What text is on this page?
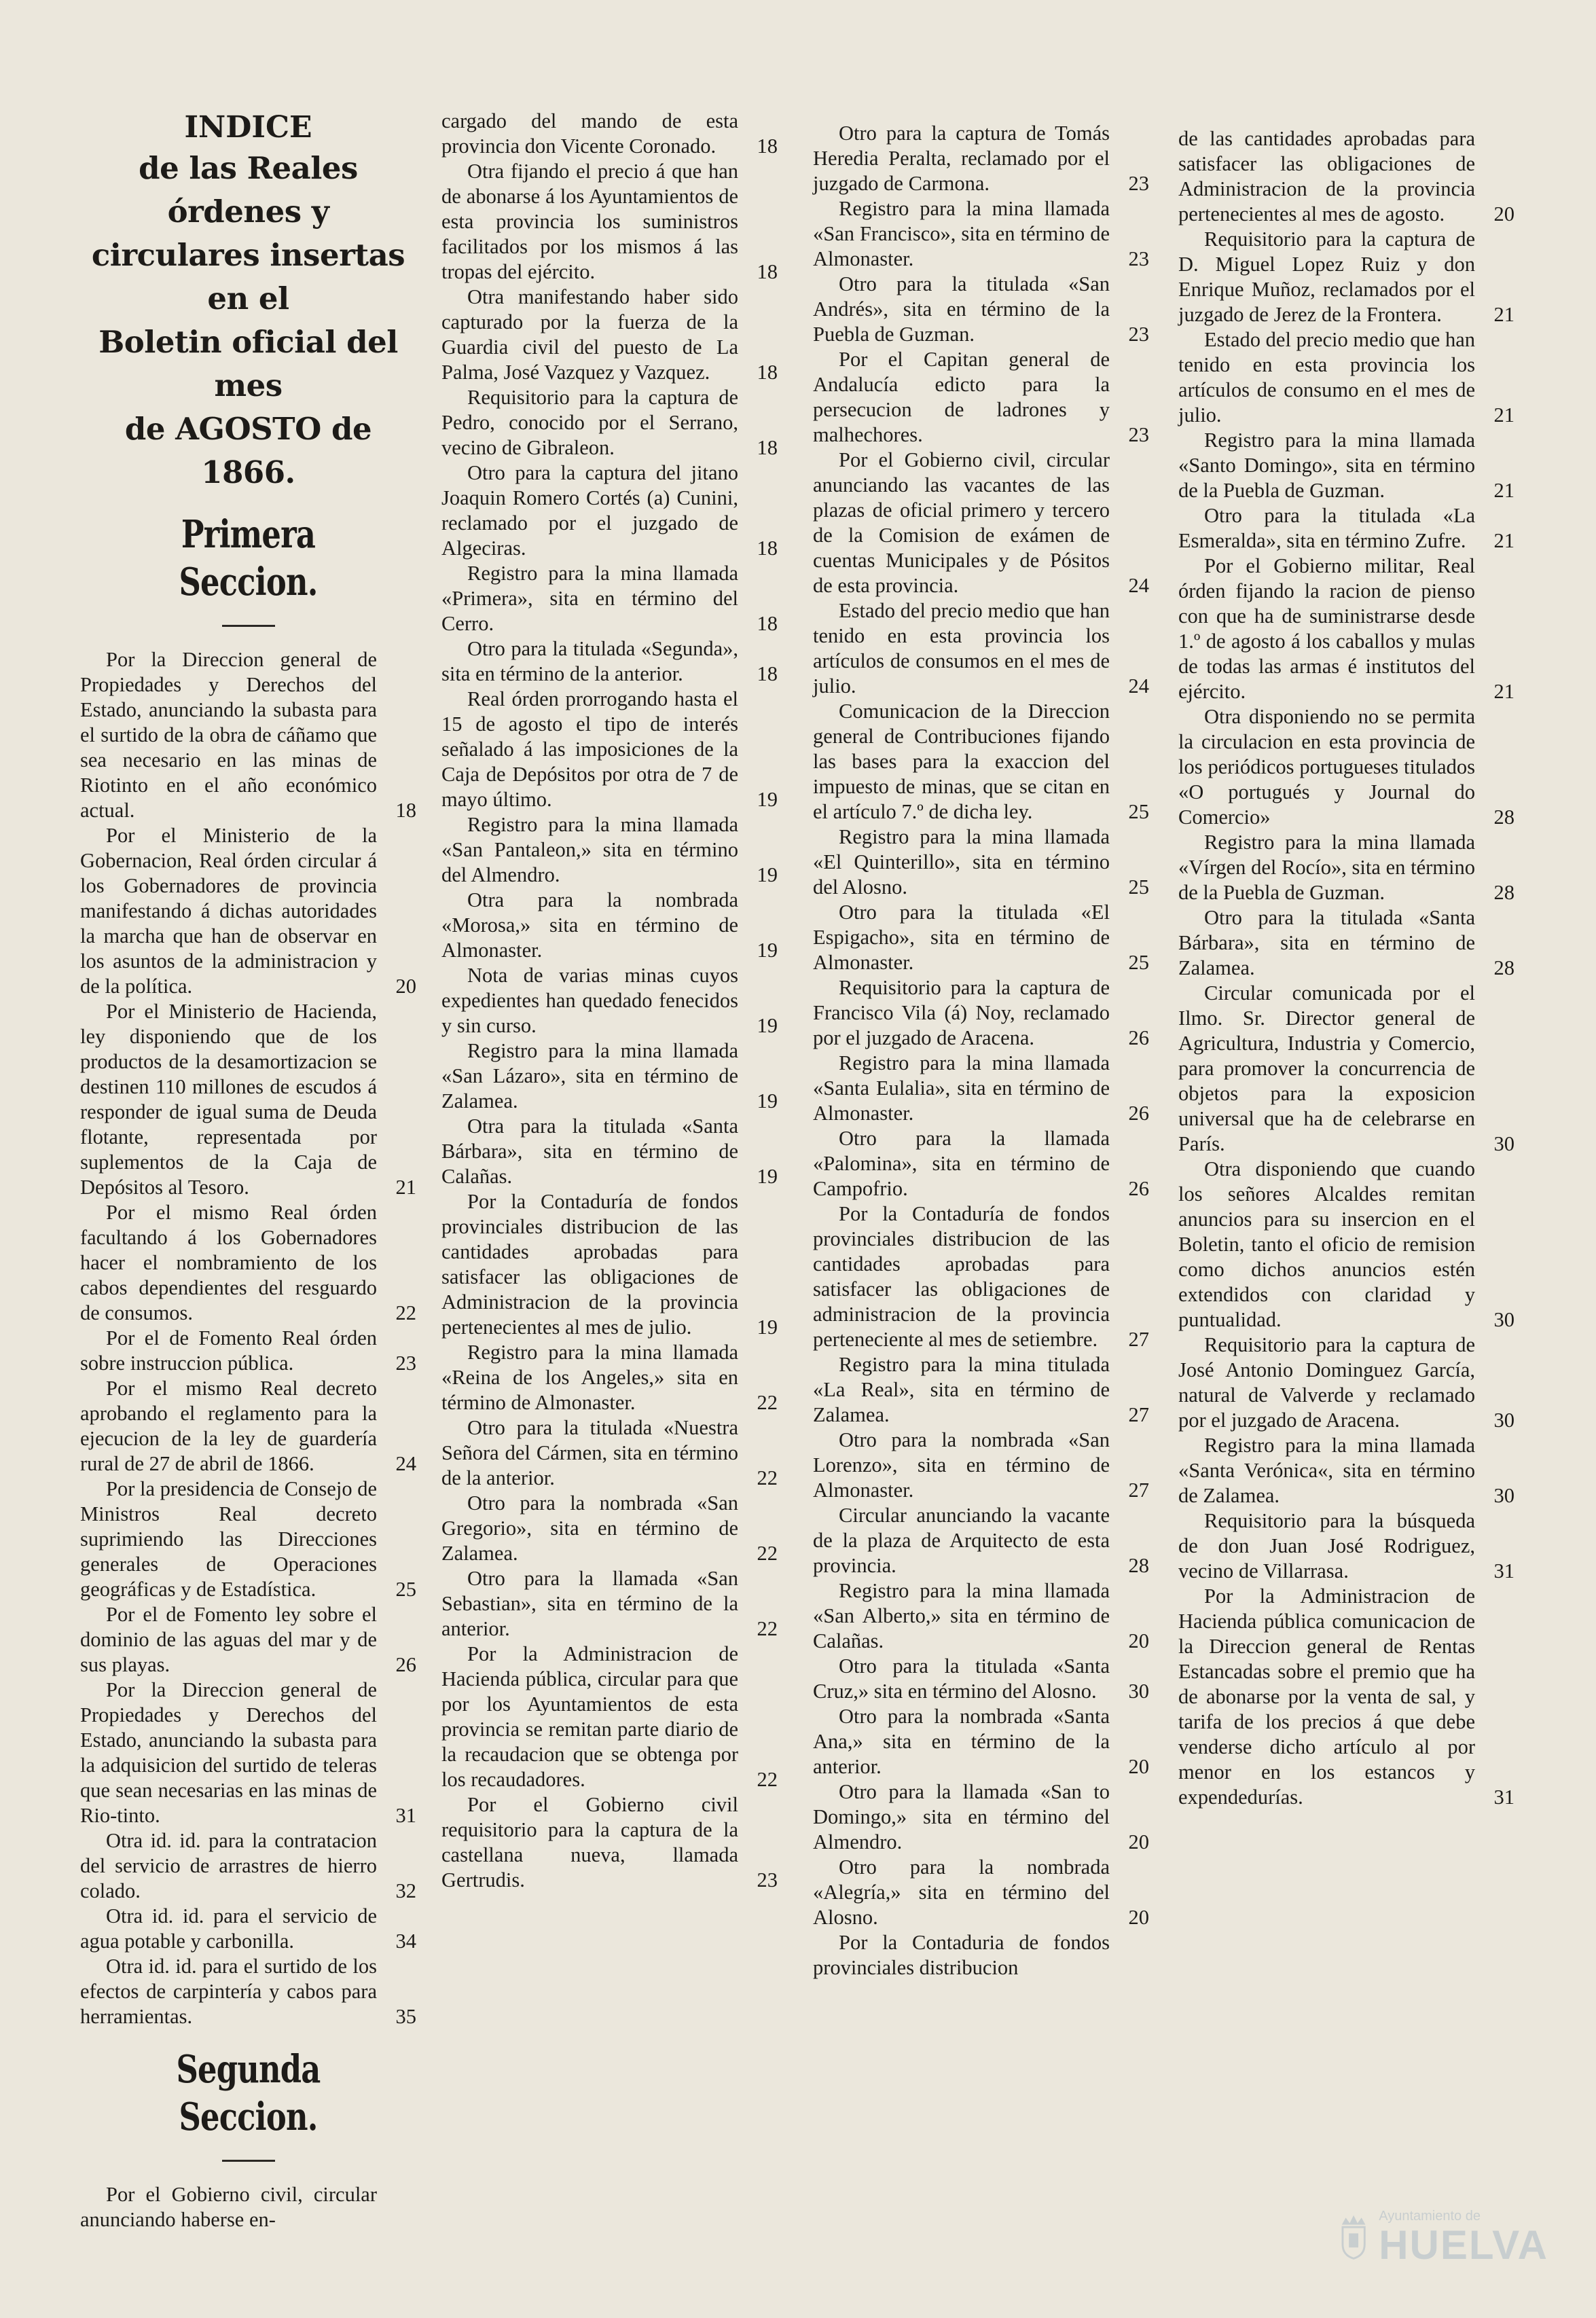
INDICE
de las Reales órdenes y
circulares insertas en el
Boletin oficial del mes
de AGOSTO de 1866.
Primera Seccion.
Por la Direccion general de Propiedades y Derechos del Estado, anunciando la subasta para el surtido de la obra de cáñamo que sea necesario en las minas de Riotinto en el año económico actual.	18
Por el Ministerio de la Gobernacion, Real órden circular á los Gobernadores de provincia manifestando á dichas autoridades la marcha que han de observar en los asuntos de la administracion y de la política.	20
Por el Ministerio de Hacienda, ley disponiendo que de los productos de la desamortizacion se destinen 110 millones de escudos á responder de igual suma de Deuda flotante, representada por suplementos de la Caja de Depósitos al Tesoro.	21
Por el mismo Real órden facultando á los Gobernadores hacer el nombramiento de los cabos dependientes del resguardo de consumos.	22
Por el de Fomento Real órden sobre instruccion pública.	23
Por el mismo Real decreto aprobando el reglamento para la ejecucion de la ley de guardería rural de 27 de abril de 1866.	24
Por la presidencia de Consejo de Ministros Real decreto suprimiendo las Direcciones generales de Operaciones geográficas y de Estadística.	25
Por el de Fomento ley sobre el dominio de las aguas del mar y de sus playas.	26
Por la Direccion general de Propiedades y Derechos del Estado, anunciando la subasta para la adquisicion del surtido de teleras que sean necesarias en las minas de Rio-tinto.	31
Otra id. id. para la contratacion del servicio de arrastres de hierro colado.	32
Otra id. id. para el servicio de agua potable y carbonilla.	34
Otra id. id. para el surtido de los efectos de carpintería y cabos para herramientas.	35
Segunda Seccion.
Por el Gobierno civil, circular anunciando haberse en-
cargado del mando de esta provincia don Vicente Coronado.	18
Otra fijando el precio á que han de abonarse á los Ayuntamientos de esta provincia los suministros facilitados por los mismos á las tropas del ejército.	18
Otra manifestando haber sido capturado por la fuerza de la Guardia civil del puesto de La Palma, José Vazquez y Vazquez.	18
Requisitorio para la captura de Pedro, conocido por el Serrano, vecino de Gibraleon.	18
Otro para la captura del jitano Joaquin Romero Cortés (a) Cunini, reclamado por el juzgado de Algeciras.	18
Registro para la mina llamada «Primera», sita en término del Cerro.	18
Otro para la titulada «Segunda», sita en término de la anterior.	18
Real órden prorrogando hasta el 15 de agosto el tipo de interés señalado á las imposiciones de la Caja de Depósitos por otra de 7 de mayo último.	19
Registro para la mina llamada «San Pantaleon,» sita en término del Almendro.	19
Otra para la nombrada «Morosa,» sita en término de Almonaster.	19
Nota de varias minas cuyos expedientes han quedado fenecidos y sin curso.	19
Registro para la mina llamada «San Lázaro», sita en término de Zalamea.	19
Otra para la titulada «Santa Bárbara», sita en término de Calañas.	19
Por la Contaduría de fondos provinciales distribucion de las cantidades aprobadas para satisfacer las obligaciones de Administracion de la provincia pertenecientes al mes de julio.	19
Registro para la mina llamada «Reina de los Angeles,» sita en término de Almonaster.	22
Otro para la titulada «Nuestra Señora del Cármen, sita en término de la anterior.	22
Otro para la nombrada «San Gregorio», sita en término de Zalamea.	22
Otro para la llamada «San Sebastian», sita en término de la anterior.	22
Por la Administracion de Hacienda pública, circular para que por los Ayuntamientos de esta provincia se remitan parte diario de la recaudacion que se obtenga por los recaudadores.	22
Por el Gobierno civil requisitorio para la captura de la castellana nueva, llamada Gertrudis.	23
Otro para la captura de Tomás Heredia Peralta, reclamado por el juzgado de Carmona.	23
Registro para la mina llamada «San Francisco», sita en término de Almonaster.	23
Otro para la titulada «San Andrés», sita en término de la Puebla de Guzman.	23
Por el Capitan general de Andalucía edicto para la persecucion de ladrones y malhechores.	23
Por el Gobierno civil, circular anunciando las vacantes de las plazas de oficial primero y tercero de la Comision de exámen de cuentas Municipales y de Pósitos de esta provincia.	24
Estado del precio medio que han tenido en esta provincia los artículos de consumos en el mes de julio.	24
Comunicacion de la Direccion general de Contribuciones fijando las bases para la exaccion del impuesto de minas, que se citan en el artículo 7.º de dicha ley.	25
Registro para la mina llamada «El Quinterillo», sita en término del Alosno.	25
Otro para la titulada «El Espigacho», sita en término de Almonaster.	25
Requisitorio para la captura de Francisco Vila (á) Noy, reclamado por el juzgado de Aracena.	26
Registro para la mina llamada «Santa Eulalia», sita en término de Almonaster.	26
Otro para la llamada «Palomina», sita en término de Campofrio.	26
Por la Contaduría de fondos provinciales distribucion de las cantidades aprobadas para satisfacer las obligaciones de administracion de la provincia perteneciente al mes de setiembre.	27
Registro para la mina titulada «La Real», sita en término de Zalamea.	27
Otro para la nombrada «San Lorenzo», sita en término de Almonaster.	27
Circular anunciando la vacante de la plaza de Arquitecto de esta provincia.	28
Registro para la mina llamada «San Alberto,» sita en término de Calañas.	20
Otro para la titulada «Santa Cruz,» sita en término del Alosno.	30
Otro para la nombrada «Santa Ana,» sita en término de la anterior.	20
Otro para la llamada «San to Domingo,» sita en término del Almendro.	20
Otro para la nombrada «Alegría,» sita en término del Alosno.	20
Por la Contaduria de fondos provinciales distribucion
de las cantidades aprobadas para satisfacer las obligaciones de Administracion de la provincia pertenecientes al mes de agosto.	20
Requisitorio para la captura de D. Miguel Lopez Ruiz y don Enrique Muñoz, reclamados por el juzgado de Jerez de la Frontera.	21
Estado del precio medio que han tenido en esta provincia los artículos de consumo en el mes de julio.	21
Registro para la mina llamada «Santo Domingo», sita en término de la Puebla de Guzman.	21
Otro para la titulada «La Esmeralda», sita en término Zufre.	21
Por el Gobierno militar, Real órden fijando la racion de pienso con que ha de suministrarse desde 1.º de agosto á los caballos y mulas de todas las armas é institutos del ejército.	21
Otra disponiendo no se permita la circulacion en esta provincia de los periódicos portugueses titulados «O portugués y Journal do Comercio»	28
Registro para la mina llamada «Vírgen del Rocío», sita en término de la Puebla de Guzman.	28
Otro para la titulada «Santa Bárbara», sita en término de Zalamea.	28
Circular comunicada por el Ilmo. Sr. Director general de Agricultura, Industria y Comercio, para promover la concurrencia de objetos para la exposicion universal que ha de celebrarse en París.	30
Otra disponiendo que cuando los señores Alcaldes remitan anuncios para su insercion en el Boletin, tanto el oficio de remision como dichos anuncios estén extendidos con claridad y puntualidad.	30
Requisitorio para la captura de José Antonio Dominguez García, natural de Valverde y reclamado por el juzgado de Aracena.	30
Registro para la mina llamada «Santa Verónica«, sita en término de Zalamea.	30
Requisitorio para la búsqueda de don Juan José Rodriguez, vecino de Villarrasa.	31
Por la Administracion de Hacienda pública comunicacion de la Direccion general de Rentas Estancadas sobre el premio que ha de abonarse por la venta de sal, y tarifa de los precios á que debe venderse dicho artículo al por menor en los estancos y expendedurías.	31
Ayuntamiento de
HUELVA
